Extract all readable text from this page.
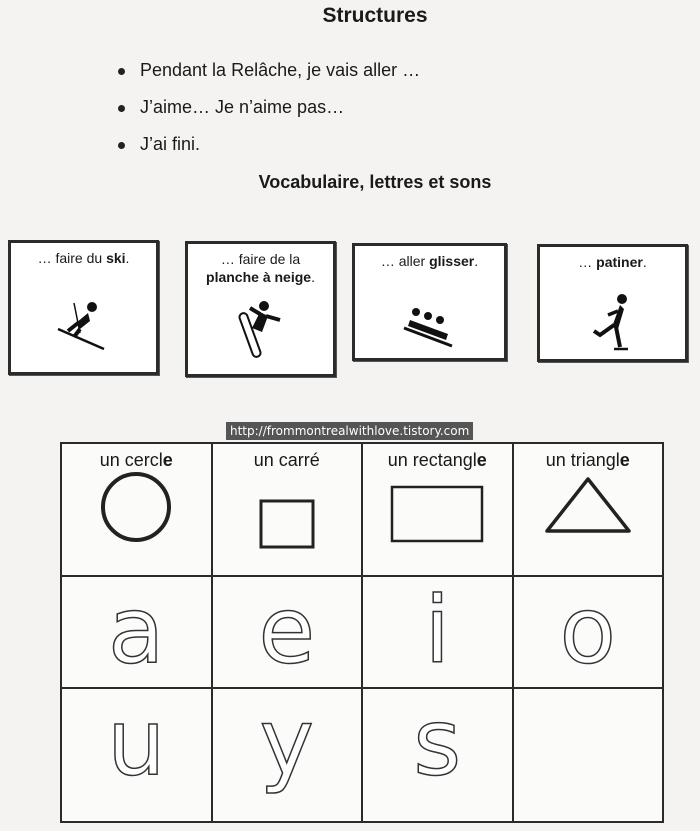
Structures
Pendant la Relâche, je vais aller …
J’aime… Je n’aime pas…
J’ai fini.
Vocabulaire, lettres et sons
… faire du ski.	… faire de la
planche à neige.
… aller glisser.	… patiner.
http://frommontrealwithlove.tistory.com
un cercle	un carré	un rectangle	un triangle

a	e	i	o

u	y	s	
